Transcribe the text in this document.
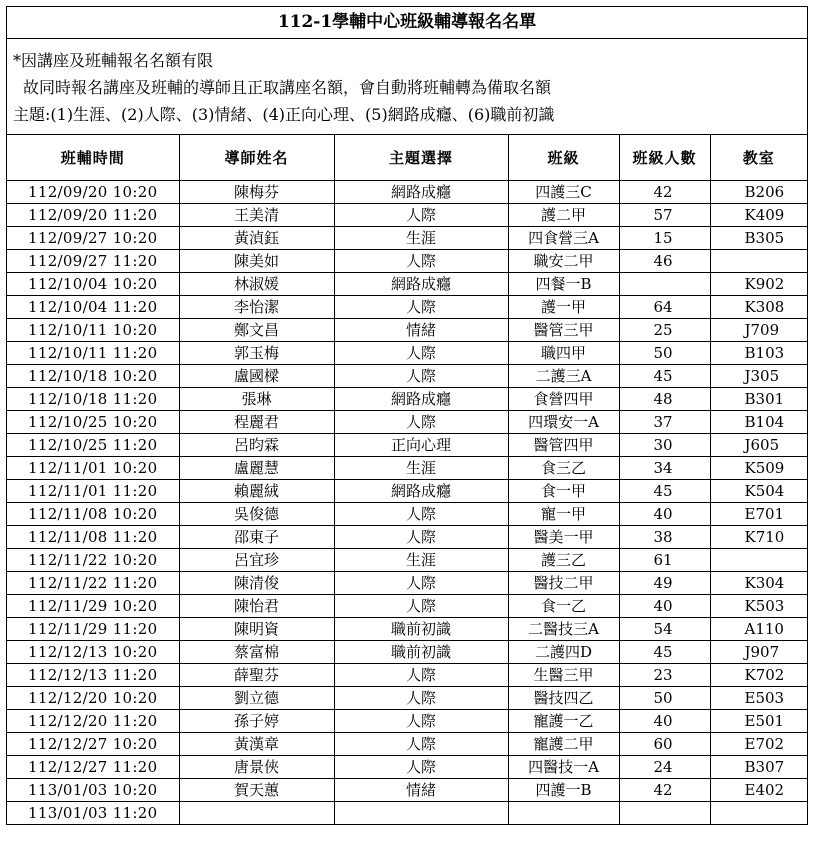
112-1學輔中心班級輔導報名名單
*因講座及班輔報名名額有限
故同時報名講座及班輔的導師且正取講座名額，會自動將班輔轉為備取名額
主題:(1)生涯、(2)人際、(3)情緒、(4)正向心理、(5)網路成癮、(6)職前初識
班輔時間	導師姓名	主題選擇	班級	班級人數	教室
112/09/20 10:20	陳梅芬	網路成癮	四護三C	42	B206
112/09/20 11:20	王美清	人際	護二甲	57	K409
112/09/27 10:20	黃湞鈺	生涯	四食營三A	15	B305
112/09/27 11:20	陳美如	人際	職安二甲	46	
112/10/04 10:20	林淑媛	網路成癮	四餐一B		K902
112/10/04 11:20	李怡潔	人際	護一甲	64	K308
112/10/11 10:20	鄭文昌	情緒	醫管三甲	25	J709
112/10/11 11:20	郭玉梅	人際	職四甲	50	B103
112/10/18 10:20	盧國樑	人際	二護三A	45	J305
112/10/18 11:20	張琳	網路成癮	食營四甲	48	B301
112/10/25 10:20	程麗君	人際	四環安一A	37	B104
112/10/25 11:20	呂昀霖	正向心理	醫管四甲	30	J605
112/11/01 10:20	盧麗慧	生涯	食三乙	34	K509
112/11/01 11:20	賴麗絨	網路成癮	食一甲	45	K504
112/11/08 10:20	吳俊德	人際	寵一甲	40	E701
112/11/08 11:20	邵東子	人際	醫美一甲	38	K710
112/11/22 10:20	呂宜珍	生涯	護三乙	61	
112/11/22 11:20	陳清俊	人際	醫技二甲	49	K304
112/11/29 10:20	陳怡君	人際	食一乙	40	K503
112/11/29 11:20	陳明資	職前初識	二醫技三A	54	A110
112/12/13 10:20	蔡富棉	職前初識	二護四D	45	J907
112/12/13 11:20	薛聖芬	人際	生醫三甲	23	K702
112/12/20 10:20	劉立德	人際	醫技四乙	50	E503
112/12/20 11:20	孫子婷	人際	寵護一乙	40	E501
112/12/27 10:20	黃漢章	人際	寵護二甲	60	E702
112/12/27 11:20	唐景俠	人際	四醫技一A	24	B307
113/01/03 10:20	賀天蕙	情緒	四護一B	42	E402
113/01/03 11:20					
